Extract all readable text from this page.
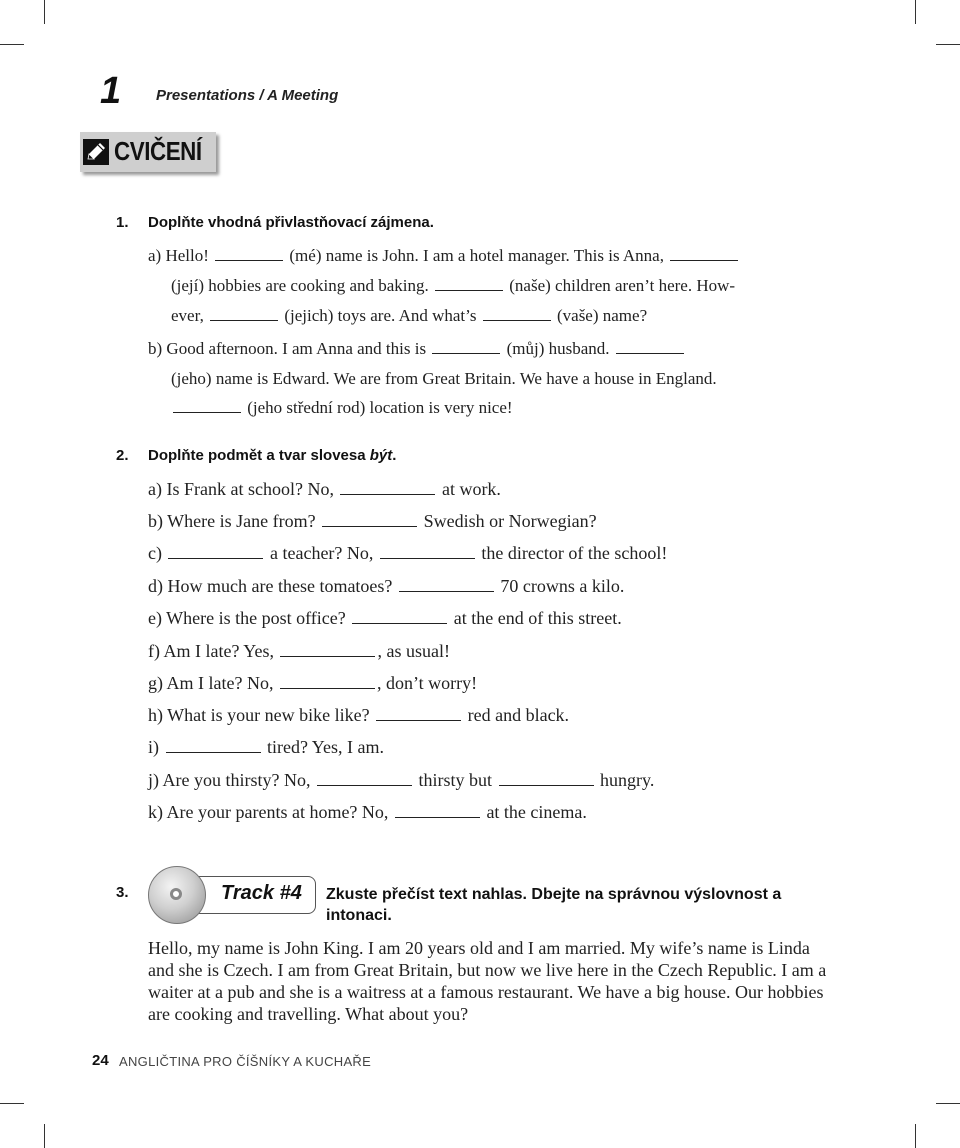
1 Presentations / A Meeting
CVIČENÍ
1. Doplňte vhodná přivlastňovací zájmena.
a) Hello!	(mé) name is John. I am a hotel manager. This is Anna,
(její) hobbies are cooking and baking.	(naše) children aren’t here. How-
ever,	(jejich) toys are. And what’s	(vaše) name?
b) Good afternoon. I am Anna and this is	(můj) husband.
(jeho) name is Edward. We are from Great Britain. We have a house in England.
(jeho střední rod) location is very nice!
2. Doplňte podmět a tvar slovesa být.
a) Is Frank at school? No,	at work.
b) Where is Jane from?	Swedish or Norwegian?
c)	a teacher? No,	the director of the school!
d) How much are these tomatoes?	70 crowns a kilo.
e) Where is the post office?	at the end of this street.
f) Am I late? Yes,	, as usual!
g) Am I late? No,	, don’t worry!
h) What is your new bike like?	red and black.
i)	tired? Yes, I am.
j) Are you thirsty? No,	thirsty but	hungry.
k) Are your parents at home? No,	at the cinema.
3.	Track #4 Zkuste přečíst text nahlas. Dbejte na správnou výslovnost a intonaci.
Hello, my name is John King. I am 20 years old and I am married. My wife’s name is Linda and she is Czech. I am from Great Britain, but now we live here in the Czech Republic. I am a waiter at a pub and she is a waitress at a famous restaurant. We have a big house. Our hobbies are cooking and travelling. What about you?
24 ANGLIČTINA PRO ČÍŠNÍKY A KUCHAŘE
